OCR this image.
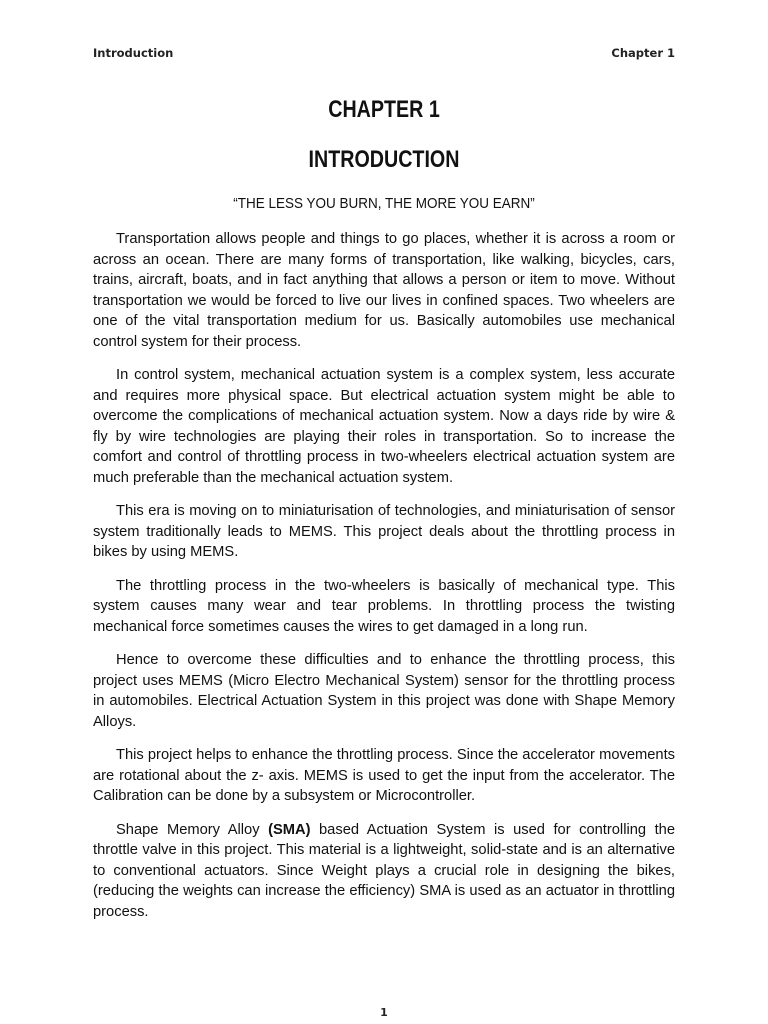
Introduction	Chapter 1
CHAPTER 1
INTRODUCTION
“THE LESS YOU BURN, THE MORE YOU EARN”

Transportation allows people and things to go places, whether it is across a room or across an ocean. There are many forms of transportation, like walking, bicycles, cars, trains, aircraft, boats, and in fact anything that allows a person or item to move. Without transportation we would be forced to live our lives in confined spaces. Two wheelers are one of the vital transportation medium for us. Basically automobiles use mechanical control system for their process.

In control system, mechanical actuation system is a complex system, less accurate and requires more physical space. But electrical actuation system might be able to overcome the complications of mechanical actuation system. Now a days ride by wire & fly by wire technologies are playing their roles in transportation. So to increase the comfort and control of throttling process in two-wheelers electrical actuation system are much preferable than the mechanical actuation system.

This era is moving on to miniaturisation of technologies, and miniaturisation of sensor system traditionally leads to MEMS. This project deals about the throttling process in bikes by using MEMS.

The throttling process in the two-wheelers is basically of mechanical type. This system causes many wear and tear problems. In throttling process the twisting mechanical force sometimes causes the wires to get damaged in a long run.

Hence to overcome these difficulties and to enhance the throttling process, this project uses MEMS (Micro Electro Mechanical System) sensor for the throttling process in automobiles. Electrical Actuation System in this project was done with Shape Memory Alloys.

This project helps to enhance the throttling process. Since the accelerator movements are rotational about the z- axis. MEMS is used to get the input from the accelerator. The Calibration can be done by a subsystem or Microcontroller.

Shape Memory Alloy (SMA) based Actuation System is used for controlling the throttle valve in this project. This material is a lightweight, solid-state and is an alternative to conventional actuators. Since Weight plays a crucial role in designing the bikes, (reducing the weights can increase the efficiency) SMA is used as an actuator in throttling process.

1
